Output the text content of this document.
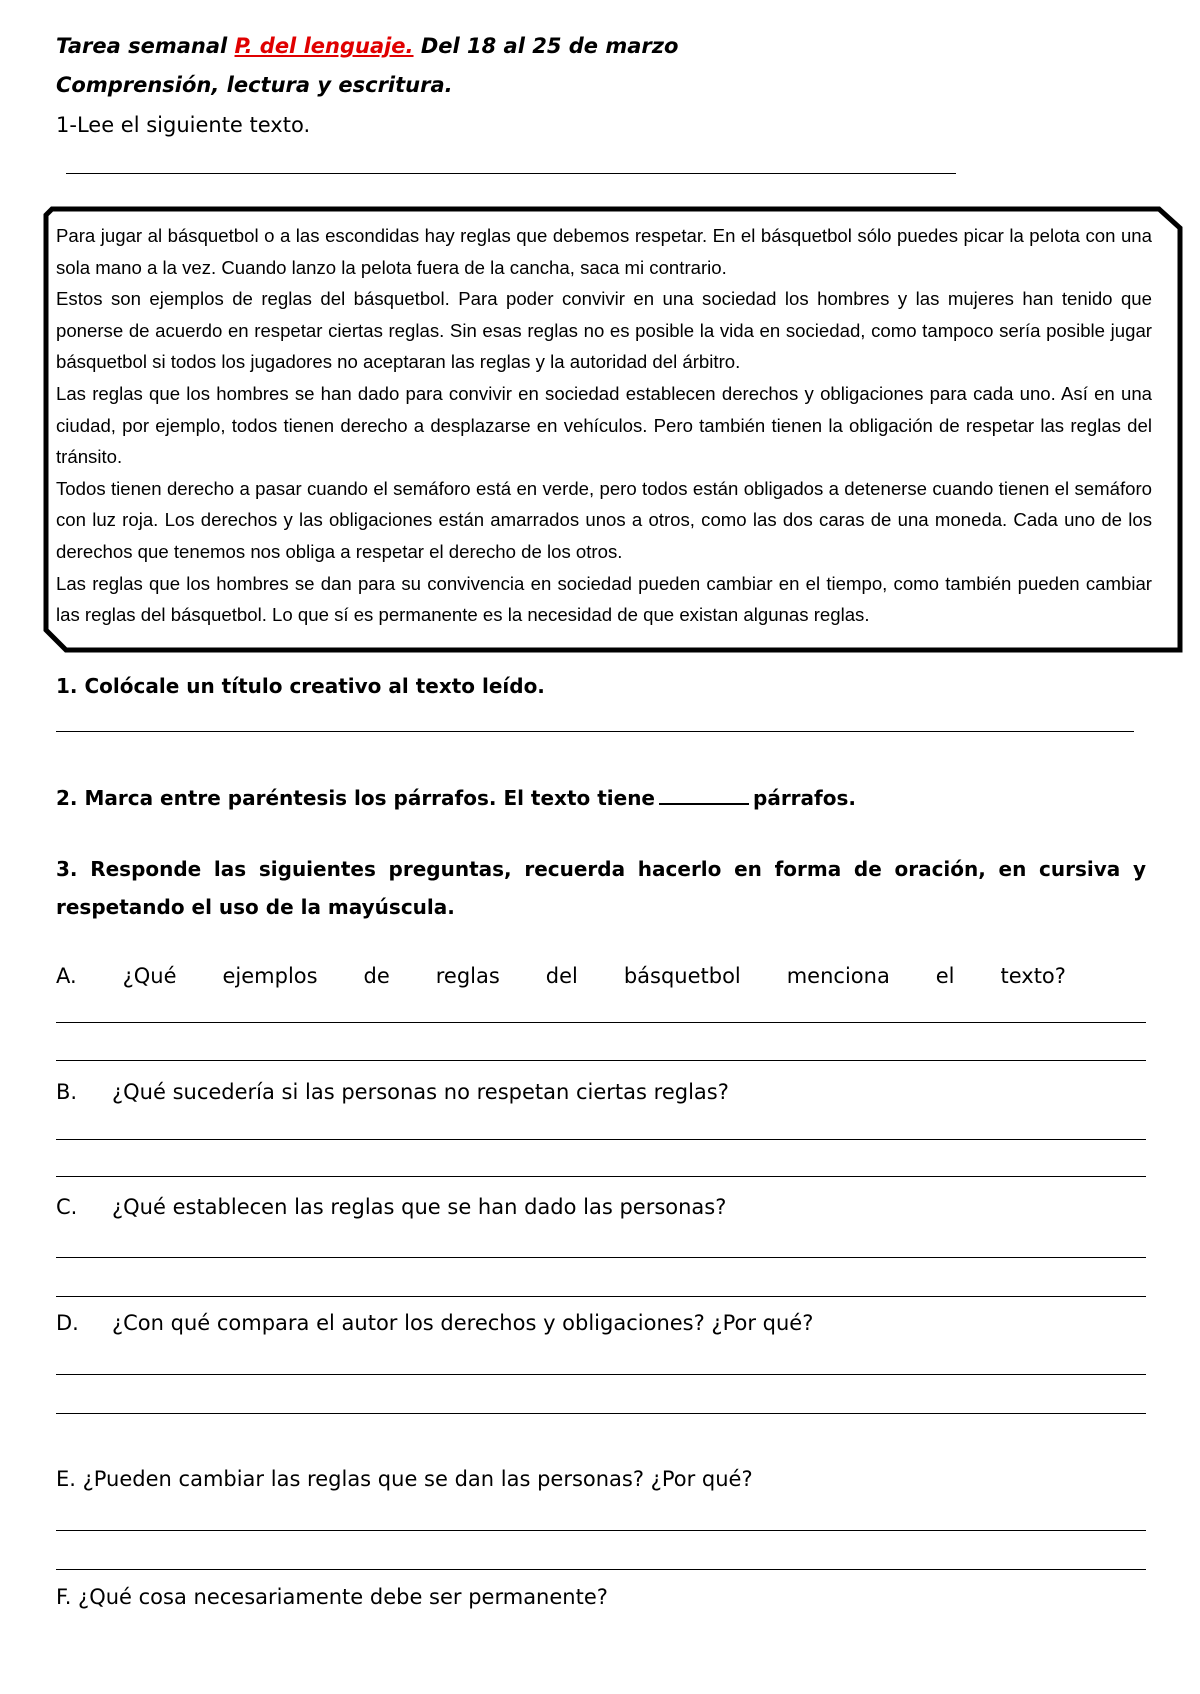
Tarea semanal P. del lenguaje. Del 18 al 25 de marzo
Comprensión, lectura y escritura.
1-Lee el siguiente texto.

Para jugar al básquetbol o a las escondidas hay reglas que debemos respetar. En el básquetbol sólo puedes picar la pelota con una sola mano a la vez. Cuando lanzo la pelota fuera de la cancha, saca mi contrario.

Estos son ejemplos de reglas del básquetbol. Para poder convivir en una sociedad los hombres y las mujeres han tenido que ponerse de acuerdo en respetar ciertas reglas. Sin esas reglas no es posible la vida en sociedad, como tampoco sería posible jugar básquetbol si todos los jugadores no aceptaran las reglas y la autoridad del árbitro.

Las reglas que los hombres se han dado para convivir en sociedad establecen derechos y obligaciones para cada uno. Así en una ciudad, por ejemplo, todos tienen derecho a desplazarse en vehículos. Pero también tienen la obligación de respetar las reglas del tránsito.

Todos tienen derecho a pasar cuando el semáforo está en verde, pero todos están obligados a detenerse cuando tienen el semáforo con luz roja. Los derechos y las obligaciones están amarrados unos a otros, como las dos caras de una moneda. Cada uno de los derechos que tenemos nos obliga a respetar el derecho de los otros.

Las reglas que los hombres se dan para su convivencia en sociedad pueden cambiar en el tiempo, como también pueden cambiar las reglas del básquetbol. Lo que sí es permanente es la necesidad de que existan algunas reglas.

1. Colócale un título creativo al texto leído.
2. Marca entre paréntesis los párrafos. El texto tiene	párrafos.
3. Responde las siguientes preguntas, recuerda hacerlo en forma de oración, en cursiva y respetando el uso de la mayúscula.
A. ¿Qué ejemplos de reglas del básquetbol menciona el texto?
B. ¿Qué sucedería si las personas no respetan ciertas reglas?
C. ¿Qué establecen las reglas que se han dado las personas?
D. ¿Con qué compara el autor los derechos y obligaciones? ¿Por qué?
E. ¿Pueden cambiar las reglas que se dan las personas? ¿Por qué?
F. ¿Qué cosa necesariamente debe ser permanente?
